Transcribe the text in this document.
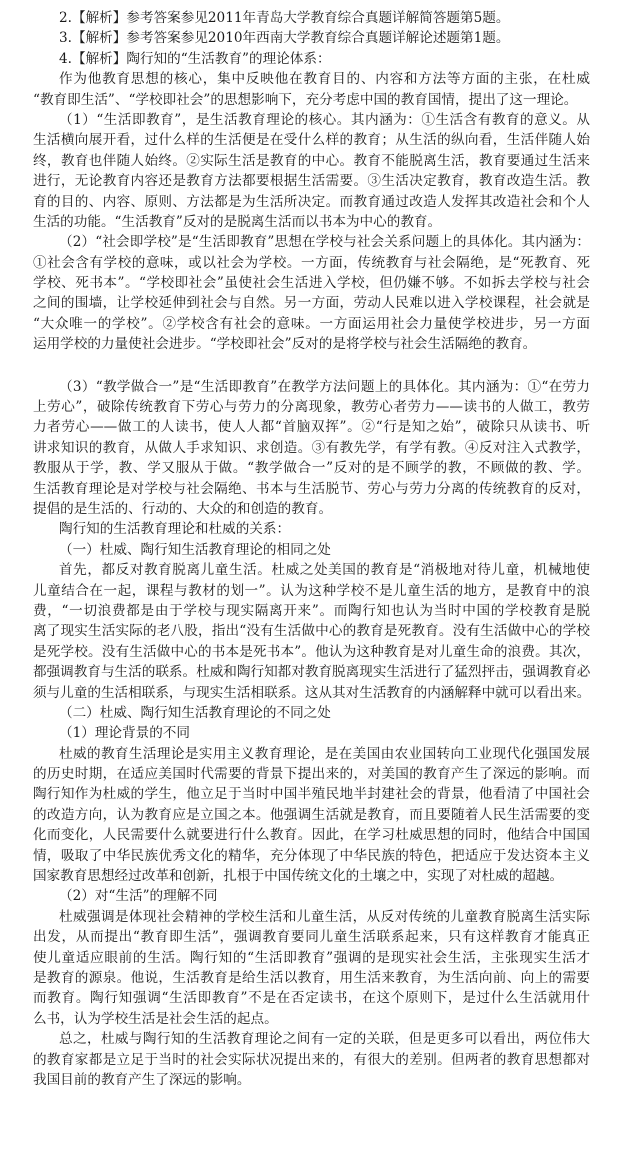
2.【解析】参考答案参见2011年青岛大学教育综合真题详解简答题第5题。
3.【解析】参考答案参见2010年西南大学教育综合真题详解论述题第1题。
4.【解析】陶行知的“生活教育”的理论体系：
作为他教育思想的核心，集中反映他在教育目的、内容和方法等方面的主张，在杜威
“教育即生活”、“学校即社会”的思想影响下，充分考虑中国的教育国情，提出了这一理论。
（1）“生活即教育”，是生活教育理论的核心。其内涵为：①生活含有教育的意义。从
生活横向展开看，过什么样的生活便是在受什么样的教育；从生活的纵向看，生活伴随人始
终，教育也伴随人始终。②实际生活是教育的中心。教育不能脱离生活，教育要通过生活来
进行，无论教育内容还是教育方法都要根据生活需要。③生活决定教育，教育改造生活。教
育的目的、内容、原则、方法都是为生活所决定。而教育通过改造人发挥其改造社会和个人
生活的功能。“生活教育”反对的是脱离生活而以书本为中心的教育。
（2）“社会即学校”是“生活即教育”思想在学校与社会关系问题上的具体化。其内涵为：
①社会含有学校的意味，或以社会为学校。一方面，传统教育与社会隔绝，是“死教育、死
学校、死书本”。“学校即社会”虽使社会生活进入学校，但仍嫌不够。不如拆去学校与社会
之间的围墙，让学校延伸到社会与自然。另一方面，劳动人民难以进入学校课程，社会就是
“大众唯一的学校”。②学校含有社会的意味。一方面运用社会力量使学校进步，另一方面
运用学校的力量使社会进步。“学校即社会”反对的是将学校与社会生活隔绝的教育。
（3）“教学做合一”是“生活即教育”在教学方法问题上的具体化。其内涵为：①“在劳力
上劳心”，破除传统教育下劳心与劳力的分离现象，教劳心者劳力——读书的人做工，教劳
力者劳心——做工的人读书，使人人都“首脑双挥”。②“行是知之始”，破除只从读书、听
讲求知识的教育，从做人手求知识、求创造。③有教先学，有学有教。④反对注入式教学，
教服从于学，教、学又服从于做。“教学做合一”反对的是不顾学的教，不顾做的教、学。
生活教育理论是对学校与社会隔绝、书本与生活脱节、劳心与劳力分离的传统教育的反对，
提倡的是生活的、行动的、大众的和创造的教育。
陶行知的生活教育理论和杜威的关系：
（一）杜威、陶行知生活教育理论的相同之处
首先，都反对教育脱离儿童生活。杜威之处美国的教育是“消极地对待儿童，机械地使
儿童结合在一起，课程与教材的划一”。认为这种学校不是儿童生活的地方，是教育中的浪
费，“一切浪费都是由于学校与现实隔离开来”。而陶行知也认为当时中国的学校教育是脱
离了现实生活实际的老八股，指出“没有生活做中心的教育是死教育。没有生活做中心的学校
是死学校。没有生活做中心的书本是死书本”。他认为这种教育是对儿童生命的浪费。其次，
都强调教育与生活的联系。杜威和陶行知都对教育脱离现实生活进行了猛烈抨击，强调教育必
须与儿童的生活相联系，与现实生活相联系。这从其对生活教育的内涵解释中就可以看出来。
（二）杜威、陶行知生活教育理论的不同之处
（1）理论背景的不同
杜威的教育生活理论是实用主义教育理论，是在美国由农业国转向工业现代化强国发展
的历史时期，在适应美国时代需要的背景下提出来的，对美国的教育产生了深远的影响。而
陶行知作为杜威的学生，他立足于当时中国半殖民地半封建社会的背景，他看清了中国社会
的改造方向，认为教育应是立国之本。他强调生活就是教育，而且要随着人民生活需要的变
化而变化，人民需要什么就要进行什么教育。因此，在学习杜威思想的同时，他结合中国国
情，吸取了中华民族优秀文化的精华，充分体现了中华民族的特色，把适应于发达资本主义
国家教育思想经过改革和创新，扎根于中国传统文化的土壤之中，实现了对杜威的超越。
（2）对“生活”的理解不同
杜威强调是体现社会精神的学校生活和儿童生活，从反对传统的儿童教育脱离生活实际
出发，从而提出“教育即生活”，强调教育要同儿童生活联系起来，只有这样教育才能真正
使儿童适应眼前的生活。陶行知的“生活即教育”强调的是现实社会生活，主张现实生活才
是教育的源泉。他说，生活教育是给生活以教育，用生活来教育，为生活向前、向上的需要
而教育。陶行知强调“生活即教育”不是在否定读书，在这个原则下，是过什么生活就用什
么书，认为学校生活是社会生活的起点。
总之，杜威与陶行知的生活教育理论之间有一定的关联，但是更多可以看出，两位伟大
的教育家都是立足于当时的社会实际状况提出来的，有很大的差别。但两者的教育思想都对
我国目前的教育产生了深远的影响。
